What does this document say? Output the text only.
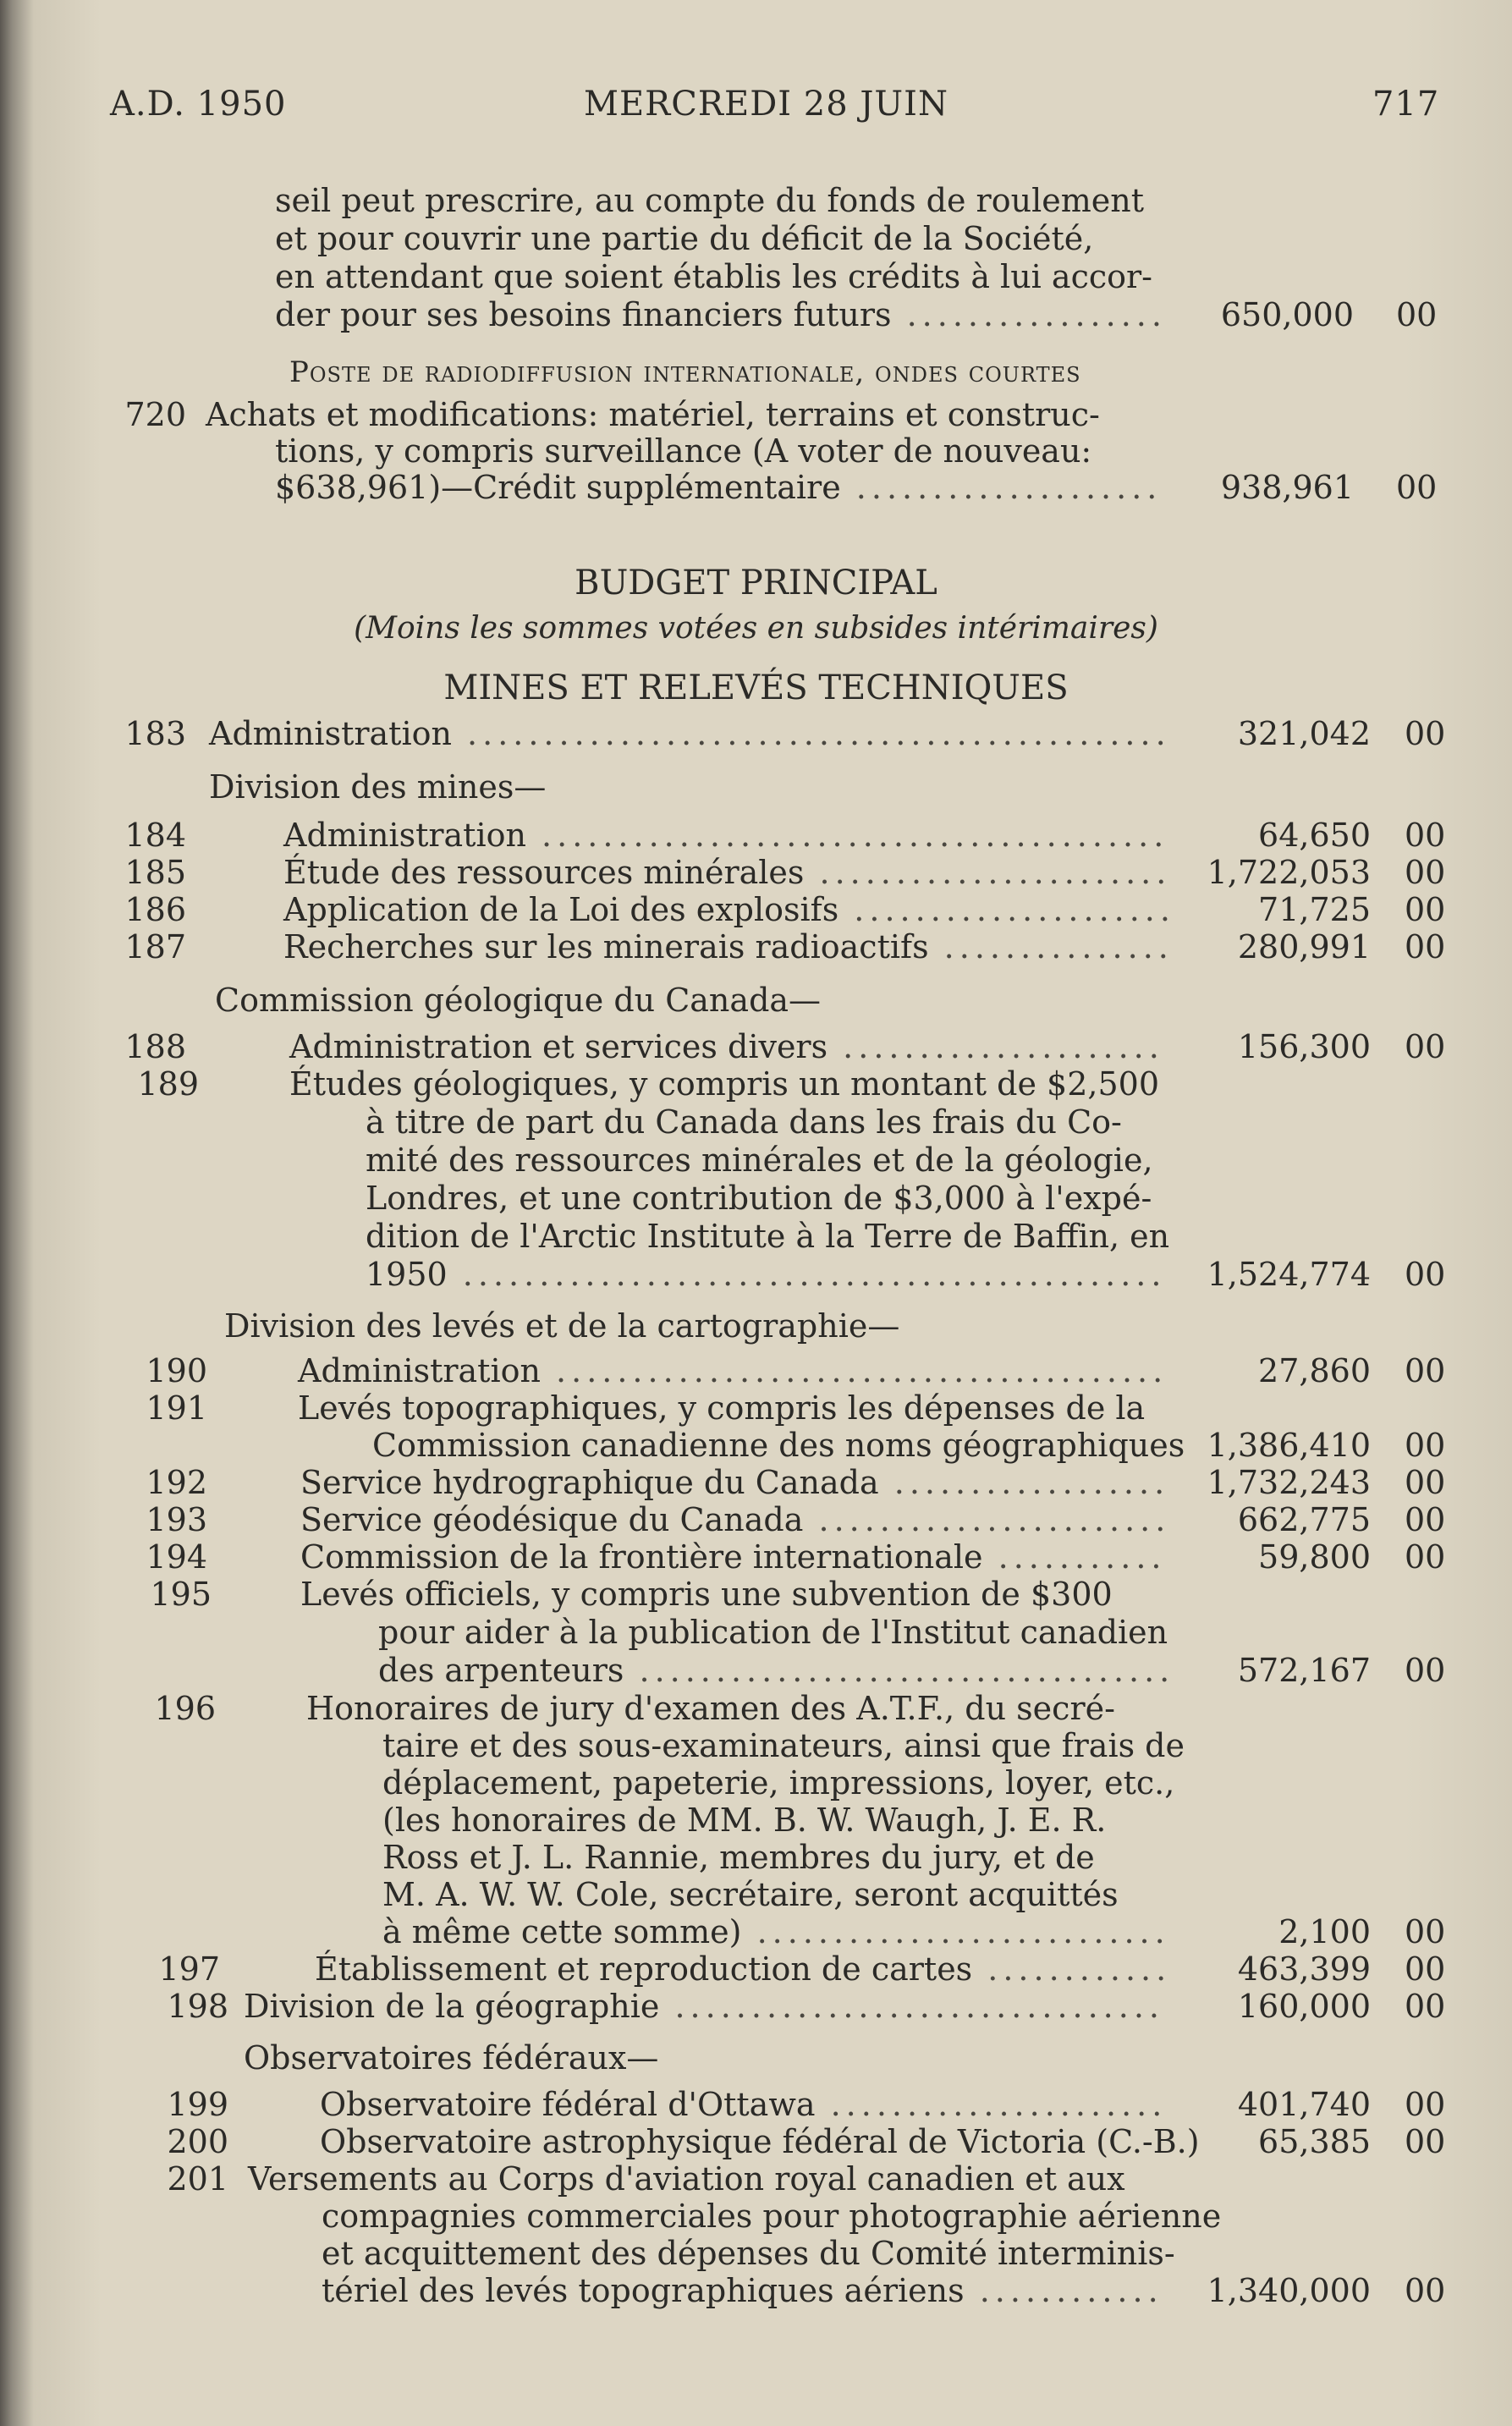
A.D. 1950	MERCREDI 28 JUIN	717
seil peut prescrire, au compte du fonds de roulement
et pour couvrir une partie du déficit de la Société,
en attendant que soient établis les crédits à lui accor-
der pour ses besoins financiers futurs .................	650,000 00
Poste de radiodiffusion internationale, ondes courtes
720 Achats et modifications: matériel, terrains et construc-
tions, y compris surveillance (A voter de nouveau:
$638,961)—Crédit supplémentaire ....................	938,961 00
BUDGET PRINCIPAL
(Moins les sommes votées en subsides intérimaires)
MINES ET RELEVÉS TECHNIQUES
183 Administration ..............................................	321,042 00
Division des mines—
184	Administration .........................................	64,650 00
185	Étude des ressources minérales .......................	1,722,053 00
186	Application de la Loi des explosifs .....................	71,725 00
187	Recherches sur les minerais radioactifs ...............	280,991 00
Commission géologique du Canada—
188	Administration et services divers .....................	156,300 00
189	Études géologiques, y compris un montant de $2,500
à titre de part du Canada dans les frais du Co-
mité des ressources minérales et de la géologie,
Londres, et une contribution de $3,000 à l'expé-
dition de l'Arctic Institute à la Terre de Baffin, en
1950 ..............................................	1,524,774 00
Division des levés et de la cartographie—
190	Administration ........................................	27,860 00
191	Levés topographiques, y compris les dépenses de la
Commission canadienne des noms géographiques 1,386,410 00
192	Service hydrographique du Canada ..................	1,732,243 00
193	Service géodésique du Canada .......................	662,775 00
194	Commission de la frontière internationale ...........	59,800 00
195	Levés officiels, y compris une subvention de $300
pour aider à la publication de l'Institut canadien
des arpenteurs ...................................	572,167 00
196	Honoraires de jury d'examen des A.T.F., du secré-
taire et des sous-examinateurs, ainsi que frais de
déplacement, papeterie, impressions, loyer, etc.,
(les honoraires de MM. B. W. Waugh, J. E. R.
Ross et J. L. Rannie, membres du jury, et de
M. A. W. W. Cole, secrétaire, seront acquittés
à même cette somme) ...........................	2,100 00
197	Établissement et reproduction de cartes ............	463,399 00
198 Division de la géographie ................................	160,000 00
Observatoires fédéraux—
199	Observatoire fédéral d'Ottawa ......................	401,740 00
200	Observatoire astrophysique fédéral de Victoria (C.-B.)	65,385 00
201 Versements au Corps d'aviation royal canadien et aux
compagnies commerciales pour photographie aérienne
et acquittement des dépenses du Comité interminis-
tériel des levés topographiques aériens ............	1,340,000 00
